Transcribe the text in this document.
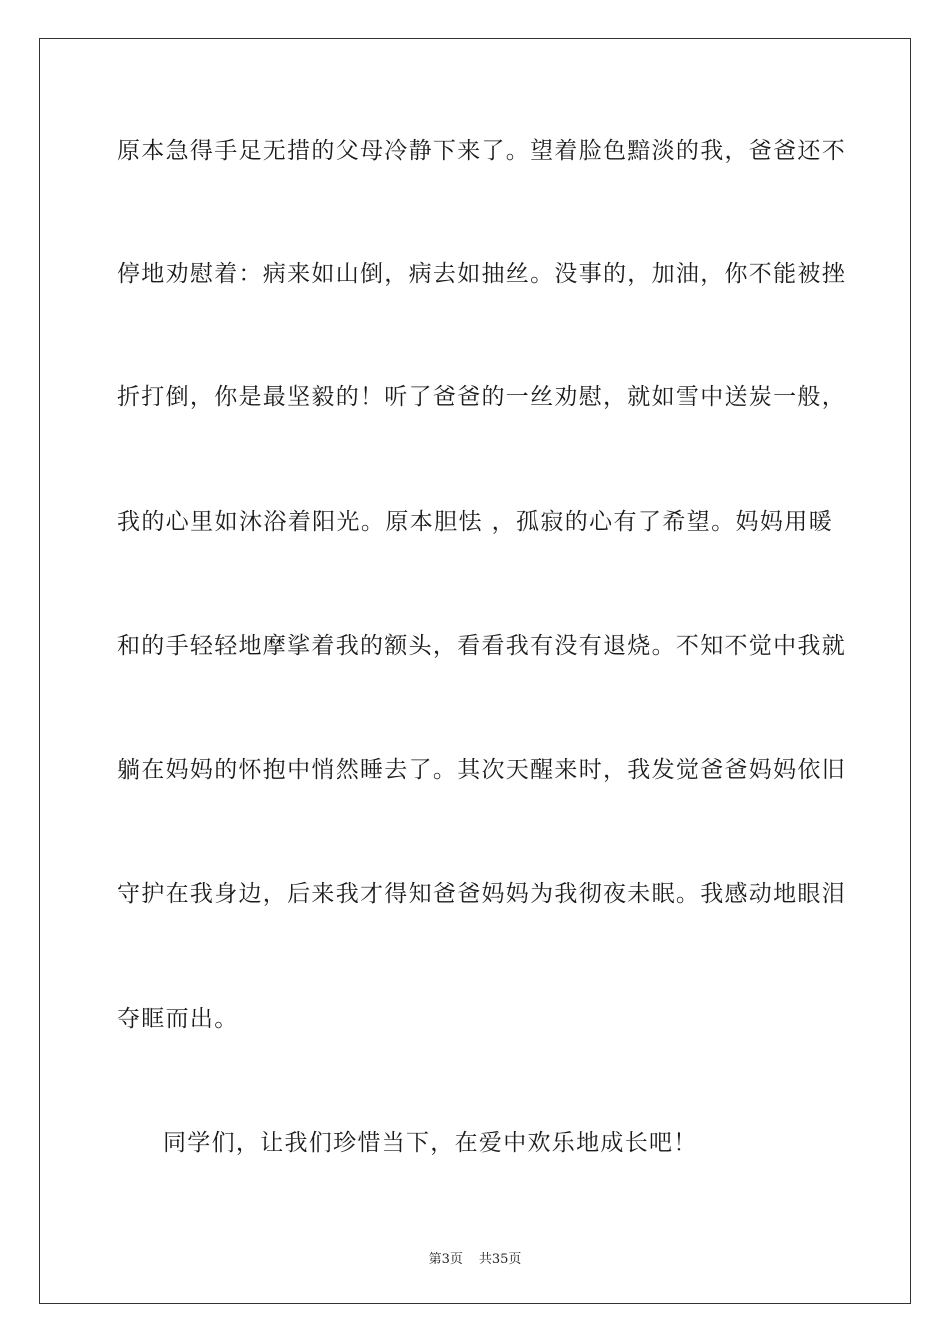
原本急得手足无措的父母冷静下来了。望着脸色黯淡的我，爸爸还不
停地劝慰着：病来如山倒，病去如抽丝。没事的，加油，你不能被挫
折打倒，你是最坚毅的！听了爸爸的一丝劝慰，就如雪中送炭一般，
我的心里如沐浴着阳光。原本胆怯 ，孤寂的心有了希望。妈妈用暖
和的手轻轻地摩挲着我的额头，看看我有没有退烧。不知不觉中我就
躺在妈妈的怀抱中悄然睡去了。其次天醒来时，我发觉爸爸妈妈依旧
守护在我身边，后来我才得知爸爸妈妈为我彻夜未眠。我感动地眼泪
夺眶而出。
同学们，让我们珍惜当下，在爱中欢乐地成长吧！
第3页 共35页
